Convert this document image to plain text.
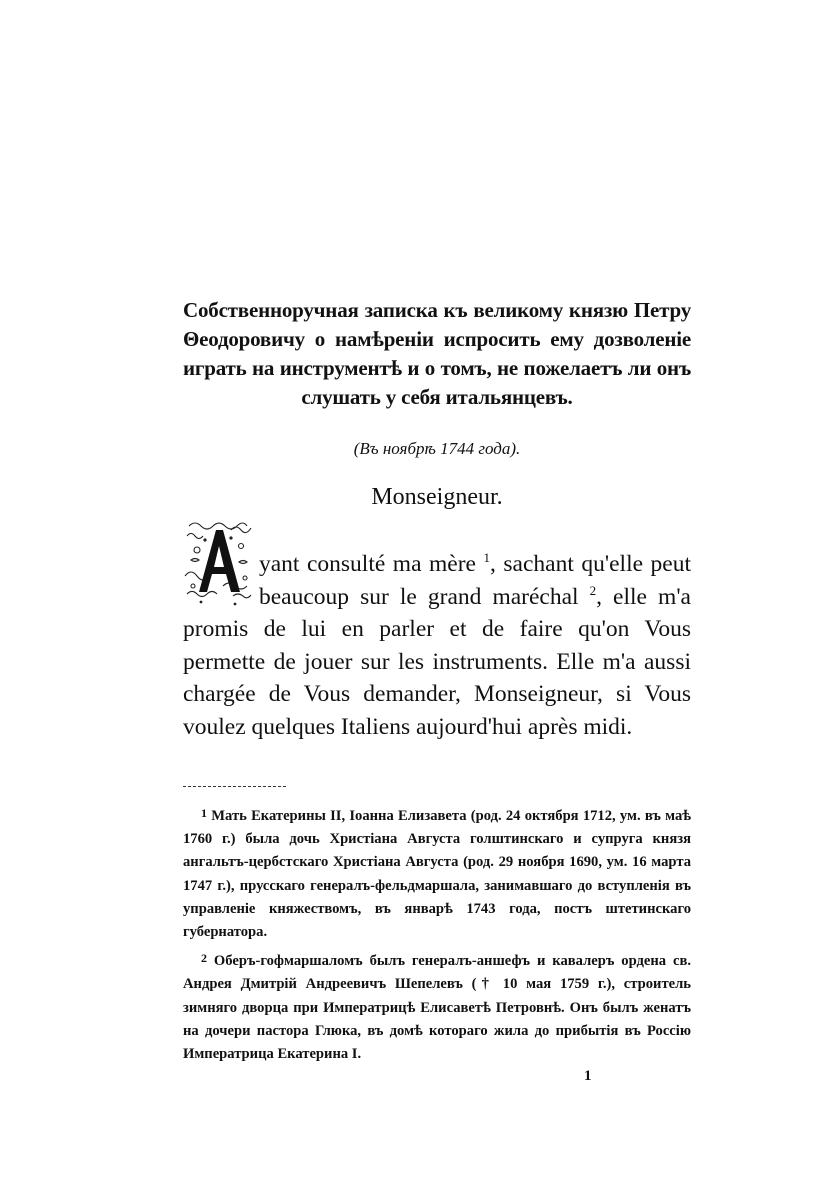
Собственноручная записка къ великому князю Петру Θеодоровичу о намѣреніи испросить ему дозволеніе играть на инструментѣ и о томъ, не пожелаетъ ли онъ слушать у себя итальянцевъ.
(Въ ноябрѣ 1744 года).
Monseigneur.

yant consulté ma mère $^1$, sachant qu'elle peut beaucoup sur le grand maréchal $^2$, elle m'a promis de lui en parler et de faire qu'on Vous permette de jouer sur les instruments. Elle m'a aussi chargée de Vous demander, Monseigneur, si Vous voulez quelques Italiens aujourd'hui après midi.

$^1$ Мать Екатерины II, Іоанна Елизавета (род. 24 октября 1712, ум. въ маѣ 1760 г.) была дочь Христіана Августа голштинскаго и супруга князя ангальтъ-цербстскаго Христіана Августа (род. 29 ноября 1690, ум. 16 марта 1747 г.), прусскаго генералъ-фельдмаршала, занимавшаго до вступленія въ управленіе княжествомъ, въ январѣ 1743 года, постъ штетинскаго губернатора.

$^2$ Оберъ-гофмаршаломъ былъ генералъ-аншефъ и кавалеръ ордена св. Андрея Дмитрій Андреевичъ Шепелевъ († 10 мая 1759 г.), строитель зимняго дворца при Императрицѣ Елисаветѣ Петровнѣ. Онъ былъ женатъ на дочери пастора Глюка, въ домѣ котораго жила до прибытія въ Россію Императрица Екатерина I.

1
